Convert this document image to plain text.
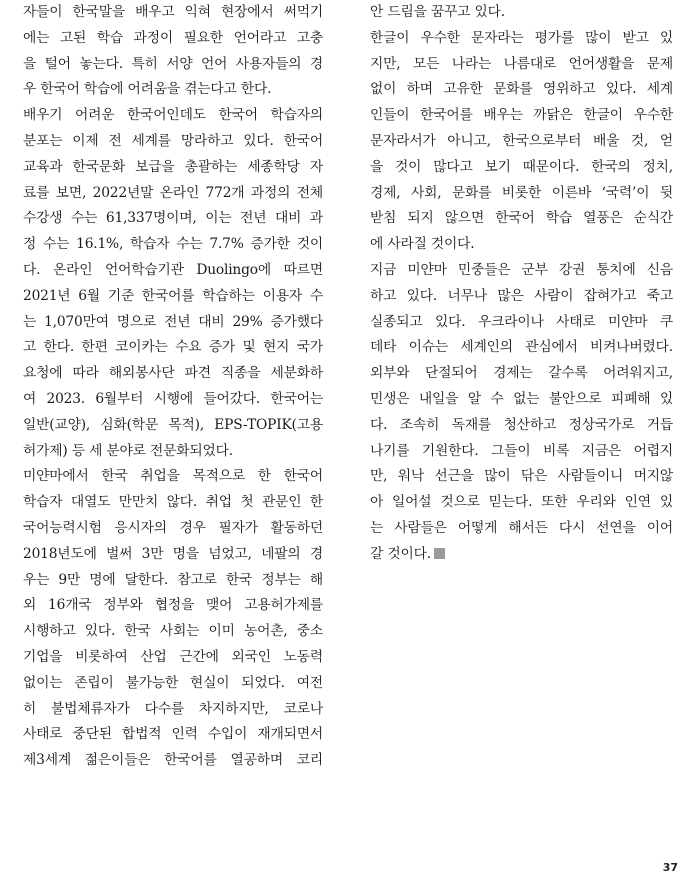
자들이 한국말을 배우고 익혀 현장에서 써먹기
에는 고된 학습 과정이 필요한 언어라고 고충
을 털어 놓는다. 특히 서양 언어 사용자들의 경
우 한국어 학습에 어려움을 겪는다고 한다.
배우기 어려운 한국어인데도 한국어 학습자의
분포는 이제 전 세계를 망라하고 있다. 한국어
교육과 한국문화 보급을 총괄하는 세종학당 자
료를 보면, 2022년말 온라인 772개 과정의 전체
수강생 수는 61,337명이며, 이는 전년 대비 과
정 수는 16.1%, 학습자 수는 7.7% 증가한 것이
다. 온라인 언어학습기관 Duolingo에 따르면
2021년 6월 기준 한국어를 학습하는 이용자 수
는 1,070만여 명으로 전년 대비 29% 증가했다
고 한다. 한편 코이카는 수요 증가 및 현지 국가
요청에 따라 해외봉사단 파견 직종을 세분화하
여 2023. 6월부터 시행에 들어갔다. 한국어는
일반(교양), 심화(학문 목적), EPS-TOPIK(고용
허가제) 등 세 분야로 전문화되었다.
미얀마에서 한국 취업을 목적으로 한 한국어
학습자 대열도 만만치 않다. 취업 첫 관문인 한
국어능력시험 응시자의 경우 필자가 활동하던
2018년도에 벌써 3만 명을 넘었고, 네팔의 경
우는 9만 명에 달한다. 참고로 한국 정부는 해
외 16개국 정부와 협정을 맺어 고용허가제를
시행하고 있다. 한국 사회는 이미 농어촌, 중소
기업을 비롯하여 산업 근간에 외국인 노동력
없이는 존립이 불가능한 현실이 되었다. 여전
히 불법체류자가 다수를 차지하지만, 코로나
사태로 중단된 합법적 인력 수입이 재개되면서
제3세계 젊은이들은 한국어를 열공하며 코리
안 드림을 꿈꾸고 있다.
한글이 우수한 문자라는 평가를 많이 받고 있
지만, 모든 나라는 나름대로 언어생활을 문제
없이 하며 고유한 문화를 영위하고 있다. 세계
인들이 한국어를 배우는 까닭은 한글이 우수한
문자라서가 아니고, 한국으로부터 배울 것, 얻
을 것이 많다고 보기 때문이다. 한국의 정치,
경제, 사회, 문화를 비롯한 이른바 ‘국력’이 뒷
받침 되지 않으면 한국어 학습 열풍은 순식간
에 사라질 것이다.
지금 미얀마 민중들은 군부 강권 통치에 신음
하고 있다. 너무나 많은 사람이 잡혀가고 죽고
실종되고 있다. 우크라이나 사태로 미얀마 쿠
데타 이슈는 세계인의 관심에서 비켜나버렸다.
외부와 단절되어 경제는 갈수록 어려워지고,
민생은 내일을 알 수 없는 불안으로 피폐해 있
다. 조속히 독재를 청산하고 정상국가로 거듭
나기를 기원한다. 그들이 비록 지금은 어렵지
만, 워낙 선근을 많이 닦은 사람들이니 머지않
아 일어설 것으로 믿는다. 또한 우리와 인연 있
는 사람들은 어떻게 해서든 다시 선연을 이어
갈 것이다.
37
